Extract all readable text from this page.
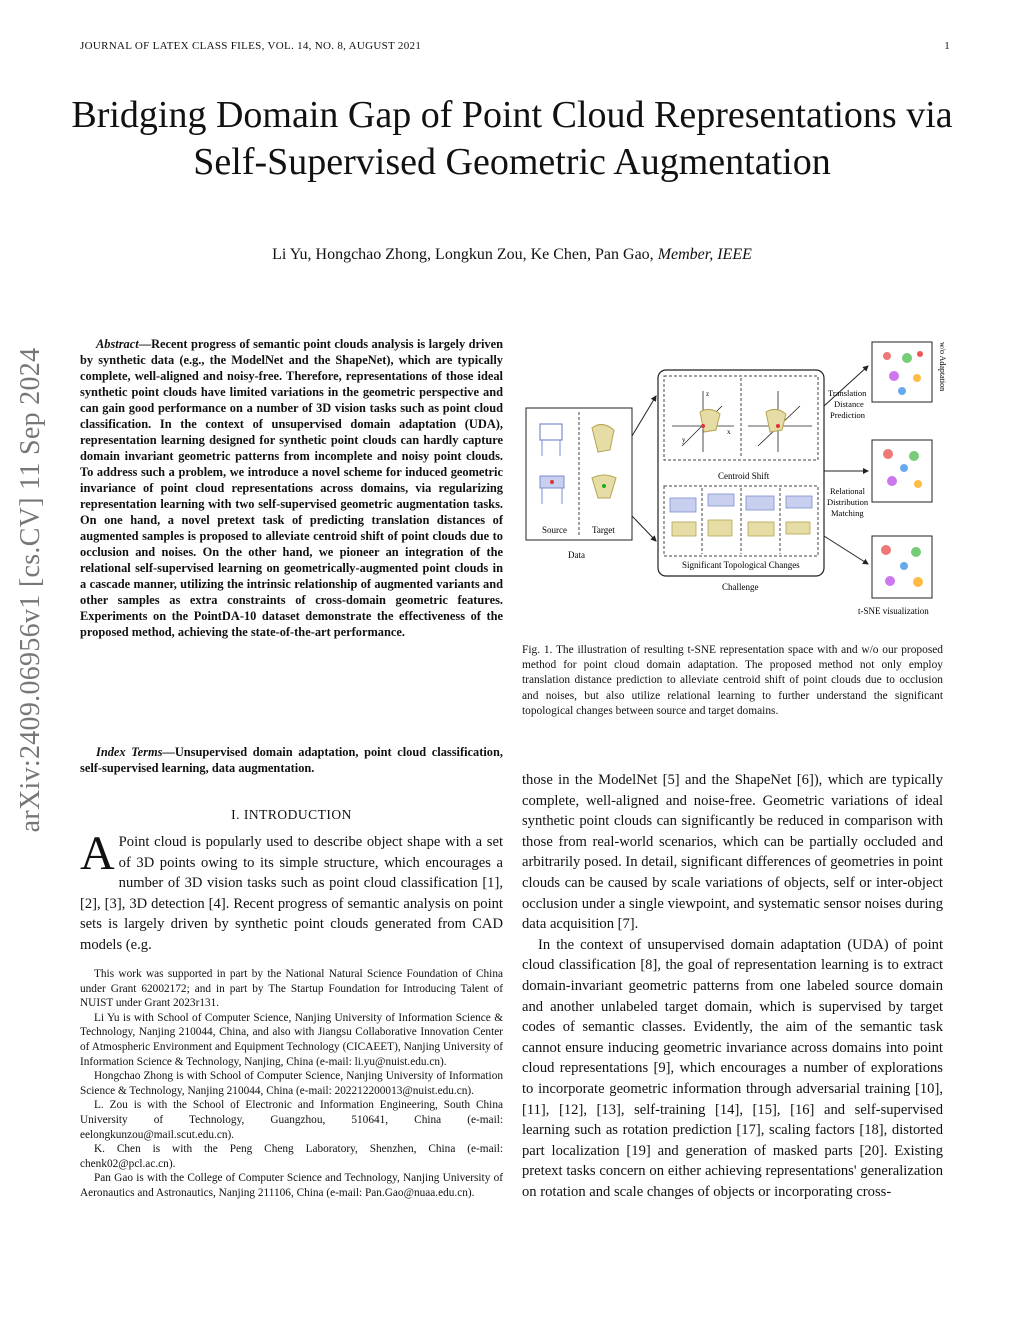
JOURNAL OF LATEX CLASS FILES, VOL. 14, NO. 8, AUGUST 2021	1
Bridging Domain Gap of Point Cloud Representations via Self-Supervised Geometric Augmentation
Li Yu, Hongchao Zhong, Longkun Zou, Ke Chen, Pan Gao, Member, IEEE
arXiv:2409.06956v1 [cs.CV] 11 Sep 2024

Abstract—Recent progress of semantic point clouds analysis is largely driven by synthetic data (e.g., the ModelNet and the ShapeNet), which are typically complete, well-aligned and noisy-free. Therefore, representations of those ideal synthetic point clouds have limited variations in the geometric perspective and can gain good performance on a number of 3D vision tasks such as point cloud classification. In the context of unsupervised domain adaptation (UDA), representation learning designed for synthetic point clouds can hardly capture domain invariant geometric patterns from incomplete and noisy point clouds. To address such a problem, we introduce a novel scheme for induced geometric invariance of point cloud representations across domains, via regularizing representation learning with two self-supervised geometric augmentation tasks. On one hand, a novel pretext task of predicting translation distances of augmented samples is proposed to alleviate centroid shift of point clouds due to occlusion and noises. On the other hand, we pioneer an integration of the relational self-supervised learning on geometrically-augmented point clouds in a cascade manner, utilizing the intrinsic relationship of augmented variants and other samples as extra constraints of cross-domain geometric features. Experiments on the PointDA-10 dataset demonstrate the effectiveness of the proposed method, achieving the state-of-the-art performance.

Index Terms—Unsupervised domain adaptation, point cloud classification, self-supervised learning, data augmentation.

I. INTRODUCTION

A Point cloud is popularly used to describe object shape with a set of 3D points owing to its simple structure, which encourages a number of 3D vision tasks such as point cloud classification [1], [2], [3], 3D detection [4]. Recent progress of semantic analysis on point sets is largely driven by synthetic point clouds generated from CAD models (e.g.

This work was supported in part by the National Natural Science Foundation of China under Grant 62002172; and in part by The Startup Foundation for Introducing Talent of NUIST under Grant 2023r131.

Li Yu is with School of Computer Science, Nanjing University of Information Science & Technology, Nanjing 210044, China, and also with Jiangsu Collaborative Innovation Center of Atmospheric Environment and Equipment Technology (CICAEET), Nanjing University of Information Science & Technology, Nanjing, China (e-mail: li.yu@nuist.edu.cn).

Hongchao Zhong is with School of Computer Science, Nanjing University of Information Science & Technology, Nanjing 210044, China (e-mail: 202212200013@nuist.edu.cn).

L. Zou is with the School of Electronic and Information Engineering, South China University of Technology, Guangzhou, 510641, China (e-mail: eelongkunzou@mail.scut.edu.cn).

K. Chen is with the Peng Cheng Laboratory, Shenzhen, China (e-mail: chenk02@pcl.ac.cn).

Pan Gao is with the College of Computer Science and Technology, Nanjing University of Aeronautics and Astronautics, Nanjing 211106, China (e-mail: Pan.Gao@nuaa.edu.cn).

Source	Target
Data
z
x
y
Centroid Shift
Significant Topological Changes
Challenge
Translation
Distance
Prediction
Relational
Distribution
Matching
w/o Adaptation
t-SNE visualization

Fig. 1. The illustration of resulting t-SNE representation space with and w/o our proposed method for point cloud domain adaptation. The proposed method not only employ translation distance prediction to alleviate centroid shift of point clouds due to occlusion and noises, but also utilize relational learning to further understand the significant topological changes between source and target domains.

those in the ModelNet [5] and the ShapeNet [6]), which are typically complete, well-aligned and noise-free. Geometric variations of ideal synthetic point clouds can significantly be reduced in comparison with those from real-world scenarios, which can be partially occluded and arbitrarily posed. In detail, significant differences of geometries in point clouds can be caused by scale variations of objects, self or inter-object occlusion under a single viewpoint, and systematic sensor noises during data acquisition [7].

In the context of unsupervised domain adaptation (UDA) of point cloud classification [8], the goal of representation learning is to extract domain-invariant geometric patterns from one labeled source domain and another unlabeled target domain, which is supervised by target codes of semantic classes. Evidently, the aim of the semantic task cannot ensure inducing geometric invariance across domains into point cloud representations [9], which encourages a number of explorations to incorporate geometric information through adversarial training [10], [11], [12], [13], self-training [14], [15], [16] and self-supervised learning such as rotation prediction [17], scaling factors [18], distorted part localization [19] and generation of masked parts [20]. Existing pretext tasks concern on either achieving representations' generalization on rotation and scale changes of objects or incorporating cross-
